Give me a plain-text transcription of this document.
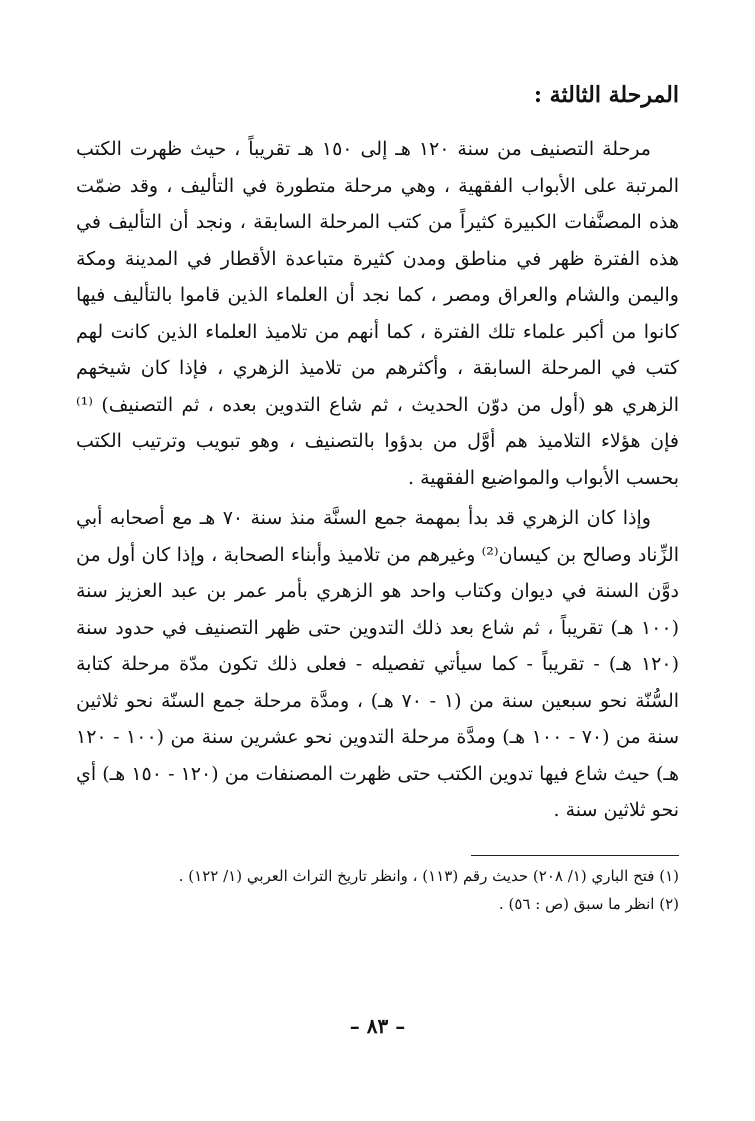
المرحلة الثالثة :

مرحلة التصنيف من سنة ١٢٠ هـ إلى ١٥٠ هـ تقريباً ، حيث ظهرت الكتب المرتبة على الأبواب الفقهية ، وهي مرحلة متطورة في التأليف ، وقد ضمّت هذه المصنَّفات الكبيرة كثيراً من كتب المرحلة السابقة ، ونجد أن التأليف في هذه الفترة ظهر في مناطق ومدن كثيرة متباعدة الأقطار في المدينة ومكة واليمن والشام والعراق ومصر ، كما نجد أن العلماء الذين قاموا بالتأليف فيها كانوا من أكبر علماء تلك الفترة ، كما أنهم من تلاميذ العلماء الذين كانت لهم كتب في المرحلة السابقة ، وأكثرهم من تلاميذ الزهري ، فإذا كان شيخهم الزهري هو (أول من دوّن الحديث ، ثم شاع التدوين بعده ، ثم التصنيف) ⁽¹⁾ فإن هؤلاء التلاميذ هم أوَّل من بدؤوا بالتصنيف ، وهو تبويب وترتيب الكتب بحسب الأبواب والمواضيع الفقهية .

وإذا كان الزهري قد بدأ بمهمة جمع السنَّة منذ سنة ٧٠ هـ مع أصحابه أبي الزِّناد وصالح بن كيسان⁽²⁾ وغيرهم من تلاميذ وأبناء الصحابة ، وإذا كان أول من دوَّن السنة في ديوان وكتاب واحد هو الزهري بأمر عمر بن عبد العزيز سنة (١٠٠ هـ) تقريباً ، ثم شاع بعد ذلك التدوين حتى ظهر التصنيف في حدود سنة (١٢٠ هـ) - تقريباً - كما سيأتي تفصيله - فعلى ذلك تكون مدّة مرحلة كتابة السُّنّة نحو سبعين سنة من (١ - ٧٠ هـ) ، ومدَّة مرحلة جمع السنّة نحو ثلاثين سنة من (٧٠ - ١٠٠ هـ) ومدَّة مرحلة التدوين نحو عشرين سنة من (١٠٠ - ١٢٠ هـ) حيث شاع فيها تدوين الكتب حتى ظهرت المصنفات من (١٢٠ - ١٥٠ هـ) أي نحو ثلاثين سنة .

(١) فتح الباري (١/ ٢٠٨) حديث رقم (١١٣) ، وانظر تاريخ التراث العربي (١/ ١٢٢) .
(٢) انظر ما سبق (ص : ٥٦) .
– ٨٣ –
